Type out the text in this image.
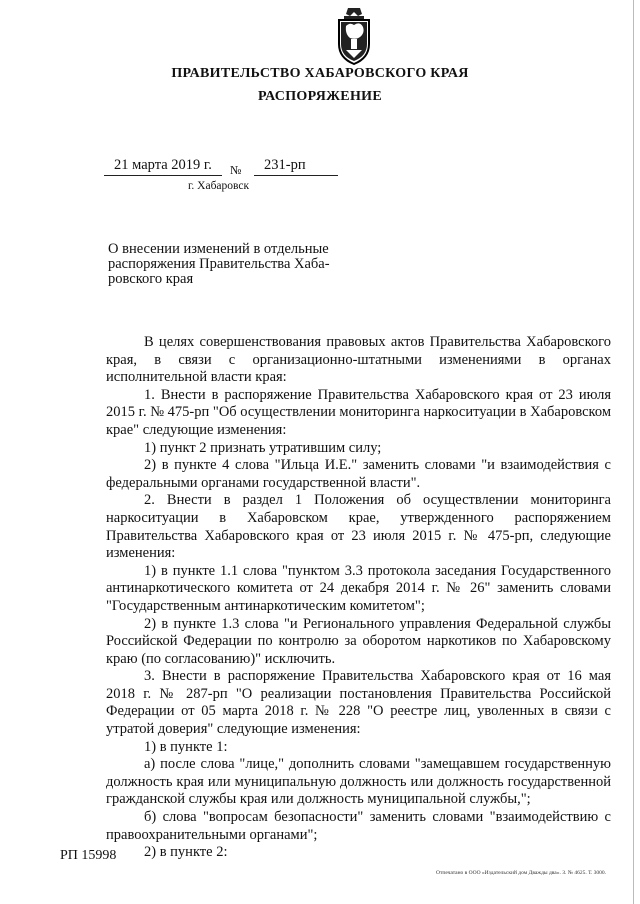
ПРАВИТЕЛЬСТВО ХАБАРОВСКОГО КРАЯ
РАСПОРЯЖЕНИЕ
21 марта 2019 г. № 231-рп
г. Хабаровск
О внесении изменений в отдельные
распоряжения Правительства Хаба-
ровского края

В целях совершенствования правовых актов Правительства Хабаровского края, в связи с организационно-штатными изменениями в органах исполнительной власти края:

1. Внести в распоряжение Правительства Хабаровского края от 23 июля 2015 г. № 475-рп "Об осуществлении мониторинга наркоситуации в Хабаровском крае" следующие изменения:

1) пункт 2 признать утратившим силу;

2) в пункте 4 слова "Ильца И.Е." заменить словами "и взаимодействия с федеральными органами государственной власти".

2. Внести в раздел 1 Положения об осуществлении мониторинга наркоситуации в Хабаровском крае, утвержденного распоряжением Правительства Хабаровского края от 23 июля 2015 г. № 475-рп, следующие изменения:

1) в пункте 1.1 слова "пунктом 3.3 протокола заседания Государственного антинаркотического комитета от 24 декабря 2014 г. № 26" заменить словами "Государственным антинаркотическим комитетом";

2) в пункте 1.3 слова "и Регионального управления Федеральной службы Российской Федерации по контролю за оборотом наркотиков по Хабаровскому краю (по согласованию)" исключить.

3. Внести в распоряжение Правительства Хабаровского края от 16 мая 2018 г. № 287-рп "О реализации постановления Правительства Российской Федерации от 05 марта 2018 г. № 228 "О реестре лиц, уволенных в связи с утратой доверия" следующие изменения:

1) в пункте 1:

а) после слова "лице," дополнить словами "замещавшем государственную должность края или муниципальную должность или должность государственной гражданской службы края или должность муниципальной службы,";

б) слова "вопросам безопасности" заменить словами "взаимодействию с правоохранительными органами";

2) в пункте 2:

РП 15998
Отпечатано в ООО «Издательский дом Дважды два». З. № 4625. Т. 3000.
